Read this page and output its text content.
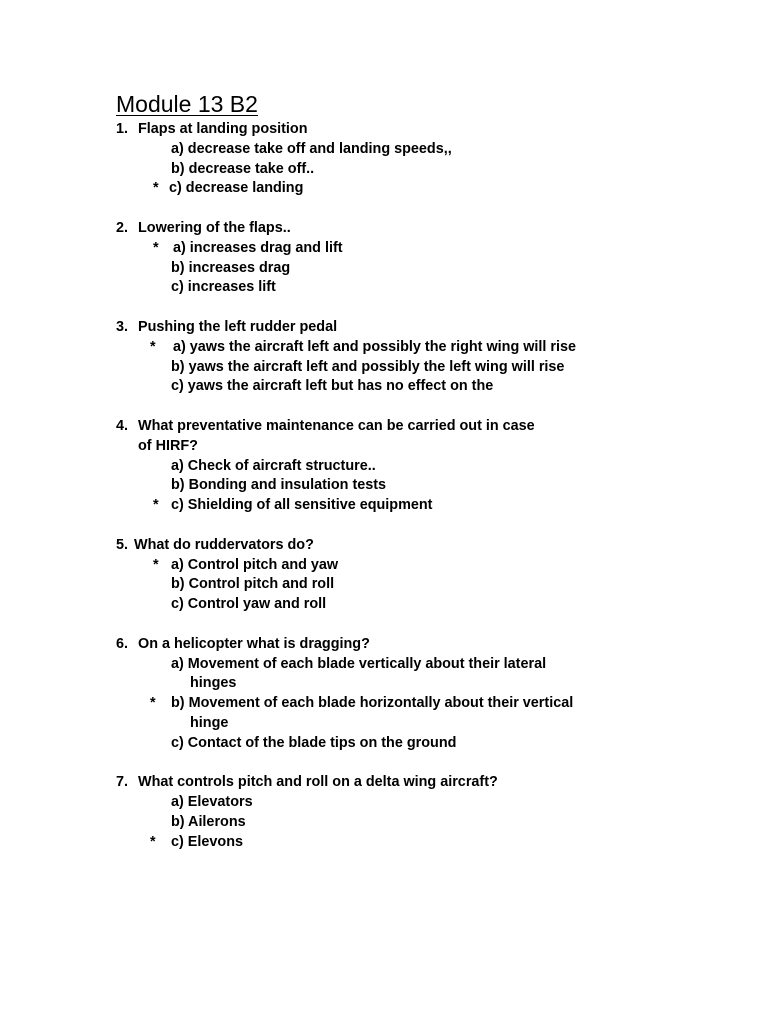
Module 13 B2
1. Flaps at landing position
a) decrease take off and landing speeds,,
b) decrease take off..
* c) decrease landing
2. Lowering of the flaps..
* a) increases drag and lift
b) increases drag
c) increases lift
3. Pushing the left rudder pedal
* a) yaws the aircraft left and possibly the right wing will rise
b) yaws the aircraft left and possibly the left wing will rise
c) yaws the aircraft left but has no effect on the
4. What preventative maintenance can be carried out in case
of HIRF?
a) Check of aircraft structure..
b) Bonding and insulation tests
* c) Shielding of all sensitive equipment
5. What do ruddervators do?
* a) Control pitch and yaw
b) Control pitch and roll
c) Control yaw and roll
6. On a helicopter what is dragging?
a) Movement of each blade vertically about their lateral
hinges
* b) Movement of each blade horizontally about their vertical
hinge
c) Contact of the blade tips on the ground
7. What controls pitch and roll on a delta wing aircraft?
a) Elevators
b) Ailerons
* c) Elevons
